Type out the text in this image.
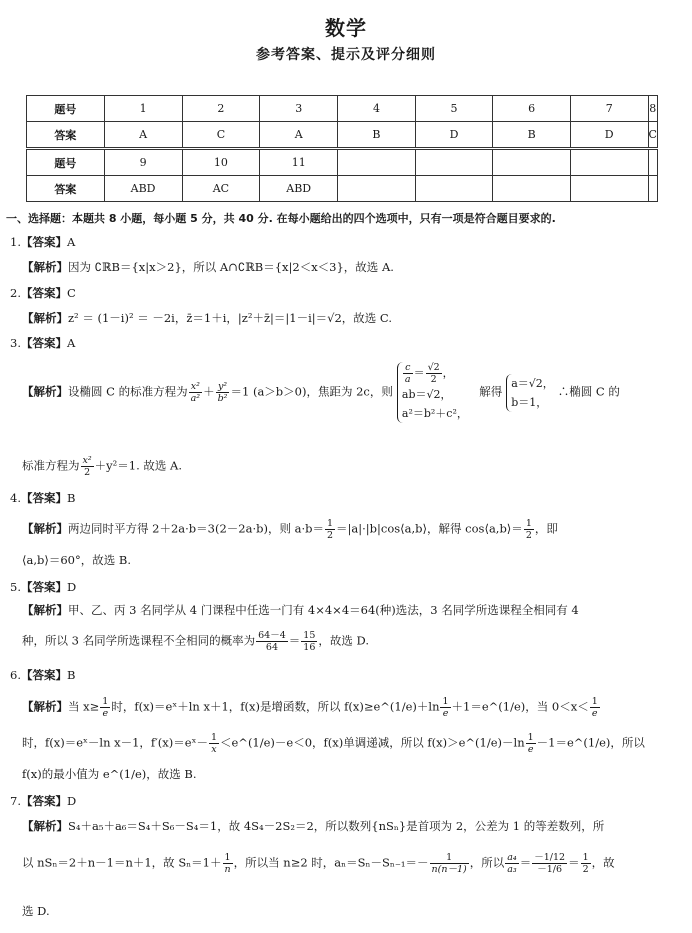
数学
参考答案、提示及评分细则
题号	1	2	3	4	5	6	7	8
答案	A	C	A	B	D	B	D	C
题号	9	10	11					
答案	ABD	AC	ABD					
一、选择题：本题共 8 小题，每小题 5 分，共 40 分. 在每小题给出的四个选项中，只有一项是符合题目要求的.
1.【答案】A
【解析】因为 ∁ℝB＝{x|x＞2}，所以 A∩∁ℝB＝{x|2＜x＜3}，故选 A.
2.【答案】C
【解析】z² ＝ (1－i)² ＝ －2i，z̄＝1＋i，|z²＋z̄|＝|1－i|＝√2，故选 C.
3.【答案】A
【解析】设椭圆 C 的标准方程为 $\frac{\text{x²}}{\text{a²}} + \frac{\text{y²}}{\text{b²}} =1$ (a＞b＞0)，焦距为 2c，则
$\frac{c}{a} = \frac{√2}{2}$ ，
ab＝√2，
a²＝b²＋c²，  解得a＝√2，
b＝1，∴椭圆 C 的
标准方程为 $\frac{\text{x²}}{2} +y^2=1$. 故选 A.
4.【答案】B
【解析】两边同时平方得 2＋2a·b＝3(2－2a·b)，则 $a\cdot b= \frac{1}{2}$ ＝|a|·|b|cos⟨a,b⟩，解得 cos⟨a,b⟩＝ $\frac{1}{2}$ ，即
⟨a,b⟩＝60°，故选 B.
5.【答案】D
【解析】甲、乙、丙 3 名同学从 4 门课程中任选一门有 4×4×4＝64(种)选法，3 名同学所选课程全相同有 4
种，所以 3 名同学所选课程不全相同的概率为 $\frac{64-4}{64} = \frac{15}{16}$ ，故选 D.
6.【答案】B
【解析】当 $x\ge \frac{1}{e}$ 时，f(x)＝eˣ＋ln x＋1，f(x)是增函数，所以 f(x)≥e^(1/e)＋ln $\frac{1}{e}$ ＋1＝e^(1/e)，当 $0<x< \frac{1}{e}$
时，f(x)＝eˣ－ln x－1，f′(x)＝eˣ－ $\frac{1}{x}$ ＜e^(1/e)－e＜0，f(x)单调递减，所以 f(x)＞e^(1/e)－ln $\frac{1}{e}$ －1＝e^(1/e)，所以
f(x)的最小值为 e^(1/e)，故选 B.
7.【答案】D
【解析】S₄＋a₅＋a₆＝S₄＋S₆－S₄＝1，故 4S₄－2S₂＝2，所以数列{nSₙ}是首项为 2，公差为 1 的等差数列，所
以 nSₙ＝2＋n－1＝n＋1，故 $S_n=1+ \frac{1}{n}$ ，所以当 n≥2 时，$a_n=S_n-S_{n-1}=- \frac{1}{n(n-1)}$ ，所以 $\frac{\text{a₄}}{\text{a₃}} = \frac{-1/12}{-1/6} = \frac{1}{2}$ ，故
选 D.
